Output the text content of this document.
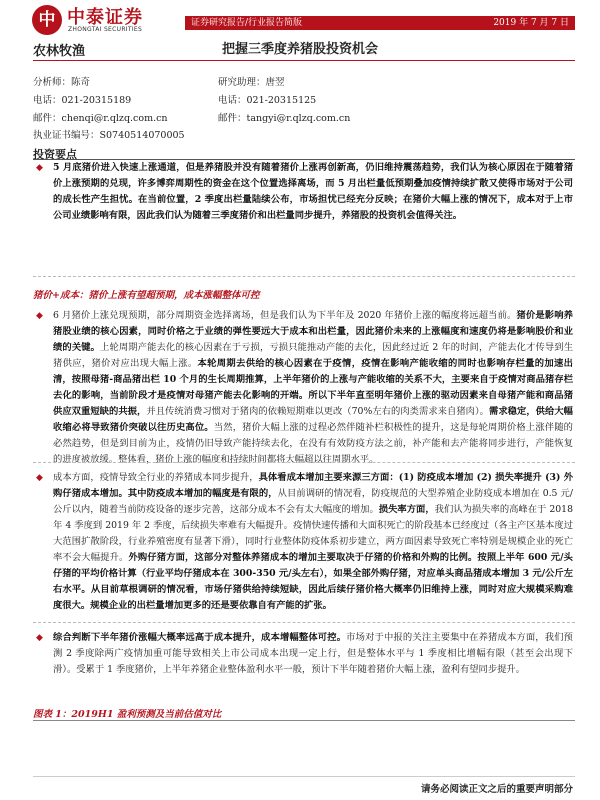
中 中泰证券
ZHONGTAI SECURITIES
证券研究报告/行业报告简版	2019 年 7 月 7 日
农林牧渔	把握三季度养猪股投资机会
分析师：陈奇
电话：021-20315189
邮件：chenqi@r.qlzq.com.cn
执业证书编号：S0740514070005
研究助理：唐翌
电话：021-20315125
邮件：tangyi@r.qlzq.com.cn
投资要点
◆ 5 月底猪价进入快速上涨通道，但是养猪股并没有随着猪价上涨再创新高，仍旧维持震荡趋势，我们认为核心原因在于随着猪价上涨预期的兑现，许多博弈周期性的资金在这个位置选择离场，而 5 月出栏量低预期叠加疫情持续扩散又使得市场对于公司的成长性产生担忧。在当前位置，2 季度出栏量陆续公布，市场担忧已经充分反映；在猪价大幅上涨的情况下，成本对于上市公司业绩影响有限，因此我们认为随着三季度猪价和出栏量同步提升，养猪股的投资机会值得关注。

猪价+成本：猪价上涨有望超预期，成本涨幅整体可控
◆ 6 月猪价上涨兑现预期，部分周期资金选择离场，但是我们认为下半年及 2020 年猪价上涨的幅度将远超当前。猪价是影响养猪股业绩的核心因素，同时价格之于业绩的弹性要远大于成本和出栏量，因此猪价未来的上涨幅度和速度仍将是影响股价和业绩的关键。上轮周期产能去化的核心因素在于亏损，亏损只能推动产能的去化，因此经过近 2 年的时间，产能去化才传导到生猪供应，猪价对应出现大幅上涨。本轮周期去供给的核心因素在于疫情，疫情在影响产能收缩的同时也影响存栏量的加速出清，按照母猪-商品猪出栏 10 个月的生长周期推算，上半年猪价的上涨与产能收缩的关系不大，主要来自于疫情对商品猪存栏去化的影响，当前阶段才是疫情对母猪产能去化影响的开端。所以下半年直至明年猪价上涨的驱动因素来自母猪产能和商品猪供应双重短缺的共振，并且传统消费习惯对于猪肉的依赖短期难以更改（70%左右的肉类需求来自猪肉）。需求稳定，供给大幅收缩必将导致猪价突破以往历史高位。当然，猪价大幅上涨的过程必然伴随补栏积极性的提升，这是每轮周期价格上涨伴随的必然趋势，但是到目前为止，疫情仍旧导致产能持续去化，在没有有效防疫方法之前，补产能和去产能将同步进行，产能恢复的进度被放缓。整体看，猪价上涨的幅度和持续时间都将大幅超以往周期水平。

◆ 成本方面，疫情导致全行业的养猪成本同步提升，具体看成本增加主要来源三方面：(1) 防疫成本增加 (2) 损失率提升 (3) 外购仔猪成本增加。其中防疫成本增加的幅度是有限的，从目前调研的情况看，防疫规范的大型养殖企业防疫成本增加在 0.5 元/公斤以内，随着当前防疫设备的逐步完善，这部分成本不会有太大幅度的增加。损失率方面，我们认为损失率的高峰在于 2018 年 4 季度到 2019 年 2 季度，后续损失率难有大幅提升。疫情快速传播和大面积死亡的阶段基本已经度过（各主产区基本度过大范围扩散阶段，行业养殖密度有显著下滑），同时行业整体防疫体系初步建立，两方面因素导致死亡率特别是规模企业的死亡率不会大幅提升。外购仔猪方面，这部分对整体养猪成本的增加主要取决于仔猪的价格和外购的比例。按照上半年 600 元/头仔猪的平均价格计算（行业平均仔猪成本在 300-350 元/头左右），如果全部外购仔猪，对应单头商品猪成本增加 3 元/公斤左右水平。从目前草根调研的情况看，市场仔猪供给持续短缺，因此后续仔猪价格大概率仍旧维持上涨，同时对应大规模采购难度很大。规模企业的出栏量增加更多的还是要依靠自有产能的扩张。

◆ 综合判断下半年猪价涨幅大概率远高于成本提升，成本增幅整体可控。市场对于中报的关注主要集中在养猪成本方面，我们预测 2 季度除两广疫情加重可能导致相关上市公司成本出现一定上行，但是整体水平与 1 季度相比增幅有限（甚至会出现下滑）。受累于 1 季度猪价，上半年养猪企业整体盈利水平一般，预计下半年随着猪价大幅上涨，盈利有望同步提升。

图表 1：2019H1 盈利预测及当前估值对比
请务必阅读正文之后的重要声明部分
